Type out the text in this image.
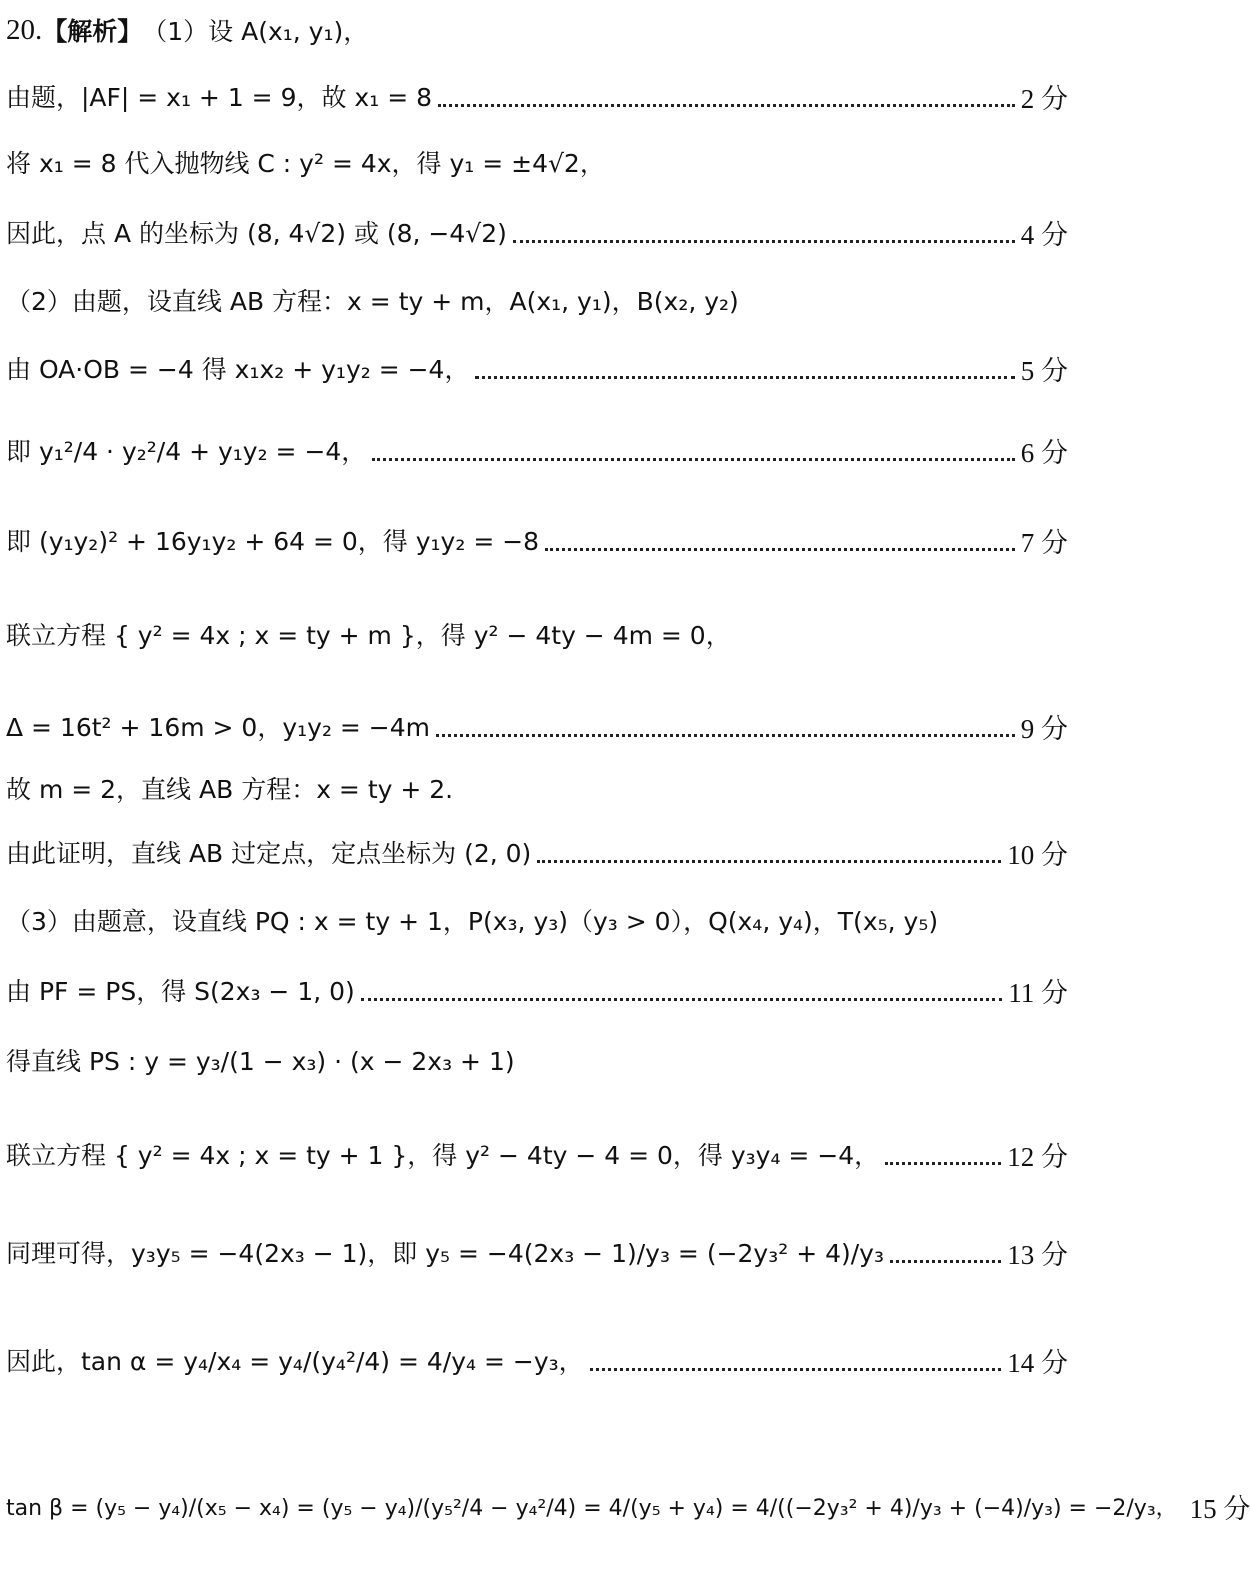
20. 【解析】 （1）设 A(x₁, y₁)，
由题，|AF| = x₁ + 1 = 9，故 x₁ = 8	2 分
将 x₁ = 8 代入抛物线 C : y² = 4x，得 y₁ = ±4√2，
因此，点 A 的坐标为 (8, 4√2) 或 (8, −4√2)	4 分
（2）由题，设直线 AB 方程：x = ty + m，A(x₁, y₁)，B(x₂, y₂)
由 OA·OB = −4 得 x₁x₂ + y₁y₂ = −4，	5 分
即 y₁²/4 · y₂²/4 + y₁y₂ = −4，	6 分
即 (y₁y₂)² + 16y₁y₂ + 64 = 0，得 y₁y₂ = −8	7 分
联立方程 { y² = 4x ; x = ty + m }，得 y² − 4ty − 4m = 0，
Δ = 16t² + 16m > 0，y₁y₂ = −4m	9 分
故 m = 2，直线 AB 方程：x = ty + 2.
由此证明，直线 AB 过定点，定点坐标为 (2, 0)	10 分
（3）由题意，设直线 PQ : x = ty + 1，P(x₃, y₃)（y₃ > 0），Q(x₄, y₄)，T(x₅, y₅)
由 PF = PS，得 S(2x₃ − 1, 0)	11 分
得直线 PS : y = y₃/(1 − x₃) · (x − 2x₃ + 1)
联立方程 { y² = 4x ; x = ty + 1 }，得 y² − 4ty − 4 = 0，得 y₃y₄ = −4，	12 分
同理可得，y₃y₅ = −4(2x₃ − 1)，即 y₅ = −4(2x₃ − 1)/y₃ = (−2y₃² + 4)/y₃	13 分
因此，tan α = y₄/x₄ = y₄/(y₄²/4) = 4/y₄ = −y₃，	14 分
tan β = (y₅ − y₄)/(x₅ − x₄) = (y₅ − y₄)/(y₅²/4 − y₄²/4) = 4/(y₅ + y₄) = 4/((−2y₃² + 4)/y₃ + (−4)/y₃) = −2/y₃， 15 分
